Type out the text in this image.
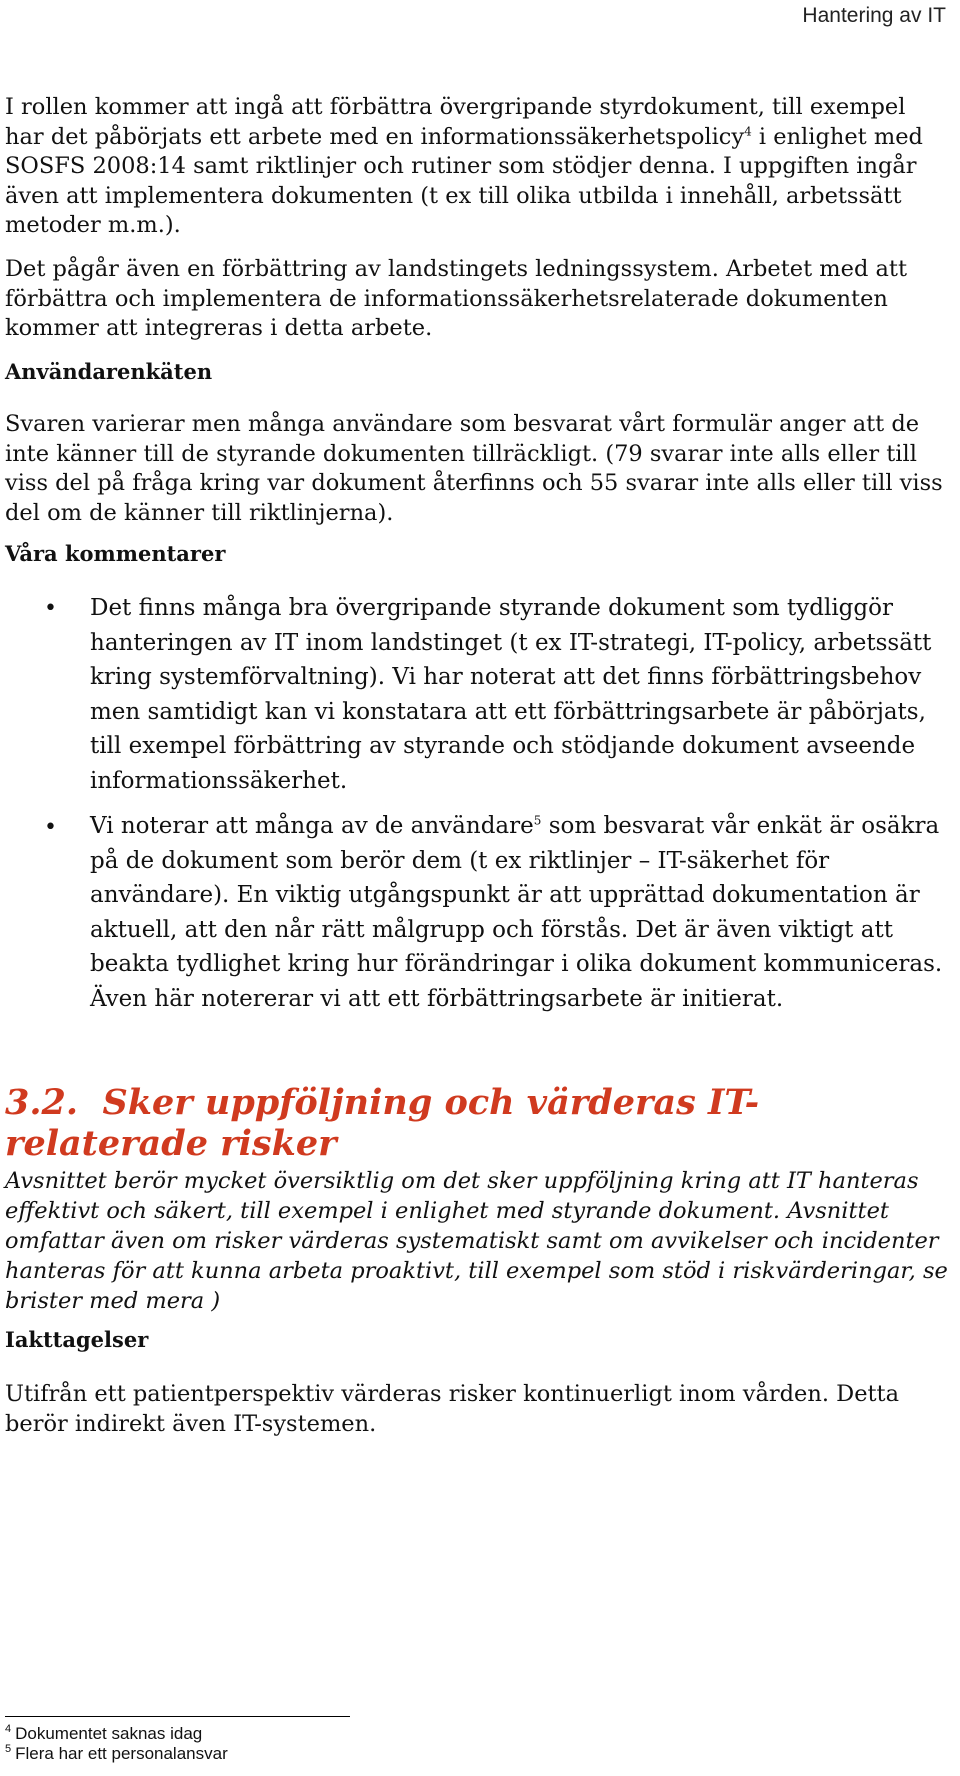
Hantering av IT

I rollen kommer att ingå att förbättra övergripande styrdokument, till exempel har det påbörjats ett arbete med en informationssäkerhetspolicy$^4$ i enlighet med SOSFS 2008:14 samt riktlinjer och rutiner som stödjer denna. I uppgiften ingår även att implementera dokumenten (t ex till olika utbilda i innehåll, arbetssätt metoder m.m.).

Det pågår även en förbättring av landstingets ledningssystem. Arbetet med att förbättra och implementera de informationssäkerhetsrelaterade dokumenten kommer att integreras i detta arbete.

Användarenkäten

Svaren varierar men många användare som besvarat vårt formulär anger att de inte känner till de styrande dokumenten tillräckligt. (79 svarar inte alls eller till viss del på fråga kring var dokument återfinns och 55 svarar inte alls eller till viss del om de känner till riktlinjerna).

Våra kommentarer

• Det finns många bra övergripande styrande dokument som tydliggör hanteringen av IT inom landstinget (t ex IT-strategi, IT-policy, arbetssätt kring systemförvaltning). Vi har noterat att det finns förbättringsbehov men samtidigt kan vi konstatara att ett förbättringsarbete är påbörjats, till exempel förbättring av styrande och stödjande dokument avseende informationssäkerhet.

• Vi noterar att många av de användare$^5$ som besvarat vår enkät är osäkra på de dokument som berör dem (t ex riktlinjer – IT-säkerhet för användare). En viktig utgångspunkt är att upprättad dokumentation är aktuell, att den når rätt målgrupp och förstås. Det är även viktigt att beakta tydlighet kring hur förändringar i olika dokument kommuniceras. Även här notererar vi att ett förbättringsarbete är initierat.

3.2. Sker uppföljning och värderas IT-relaterade risker

Avsnittet berör mycket översiktlig om det sker uppföljning kring att IT hanteras effektivt och säkert, till exempel i enlighet med styrande dokument. Avsnittet omfattar även om risker värderas systematiskt samt om avvikelser och incidenter hanteras för att kunna arbeta proaktivt, till exempel som stöd i riskvärderingar, se brister med mera )

Iakttagelser

Utifrån ett patientperspektiv värderas risker kontinuerligt inom vården. Detta berör indirekt även IT-systemen.

$^4$ Dokumentet saknas idag
$^5$ Flera har ett personalansvar
